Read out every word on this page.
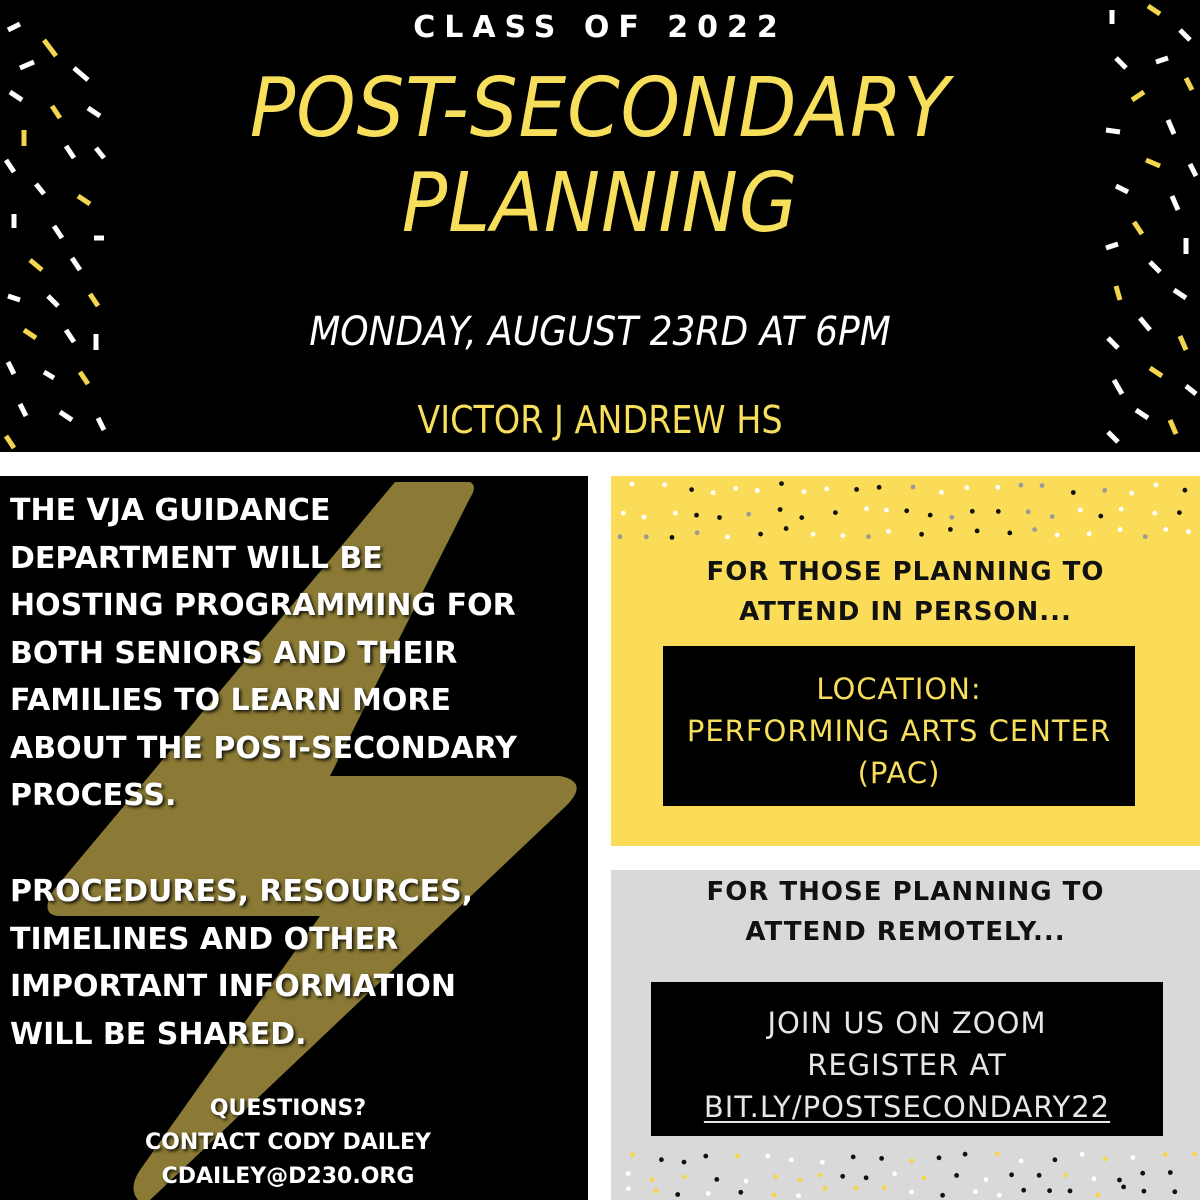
CLASS OF 2022
POST-SECONDARY
PLANNING
MONDAY, AUGUST 23RD AT 6PM
VICTOR J ANDREW HS
THE VJA GUIDANCE
DEPARTMENT WILL BE
HOSTING PROGRAMMING FOR
BOTH SENIORS AND THEIR
FAMILIES TO LEARN MORE
ABOUT THE POST-SECONDARY
PROCESS.
PROCEDURES, RESOURCES,
TIMELINES AND OTHER
IMPORTANT INFORMATION
WILL BE SHARED.
QUESTIONS?
CONTACT CODY DAILEY
CDAILEY@D230.ORG
FOR THOSE PLANNING TO
ATTEND IN PERSON...
LOCATION:
PERFORMING ARTS CENTER
(PAC)
FOR THOSE PLANNING TO
ATTEND REMOTELY...
JOIN US ON ZOOM
REGISTER AT
BIT.LY/POSTSECONDARY22
